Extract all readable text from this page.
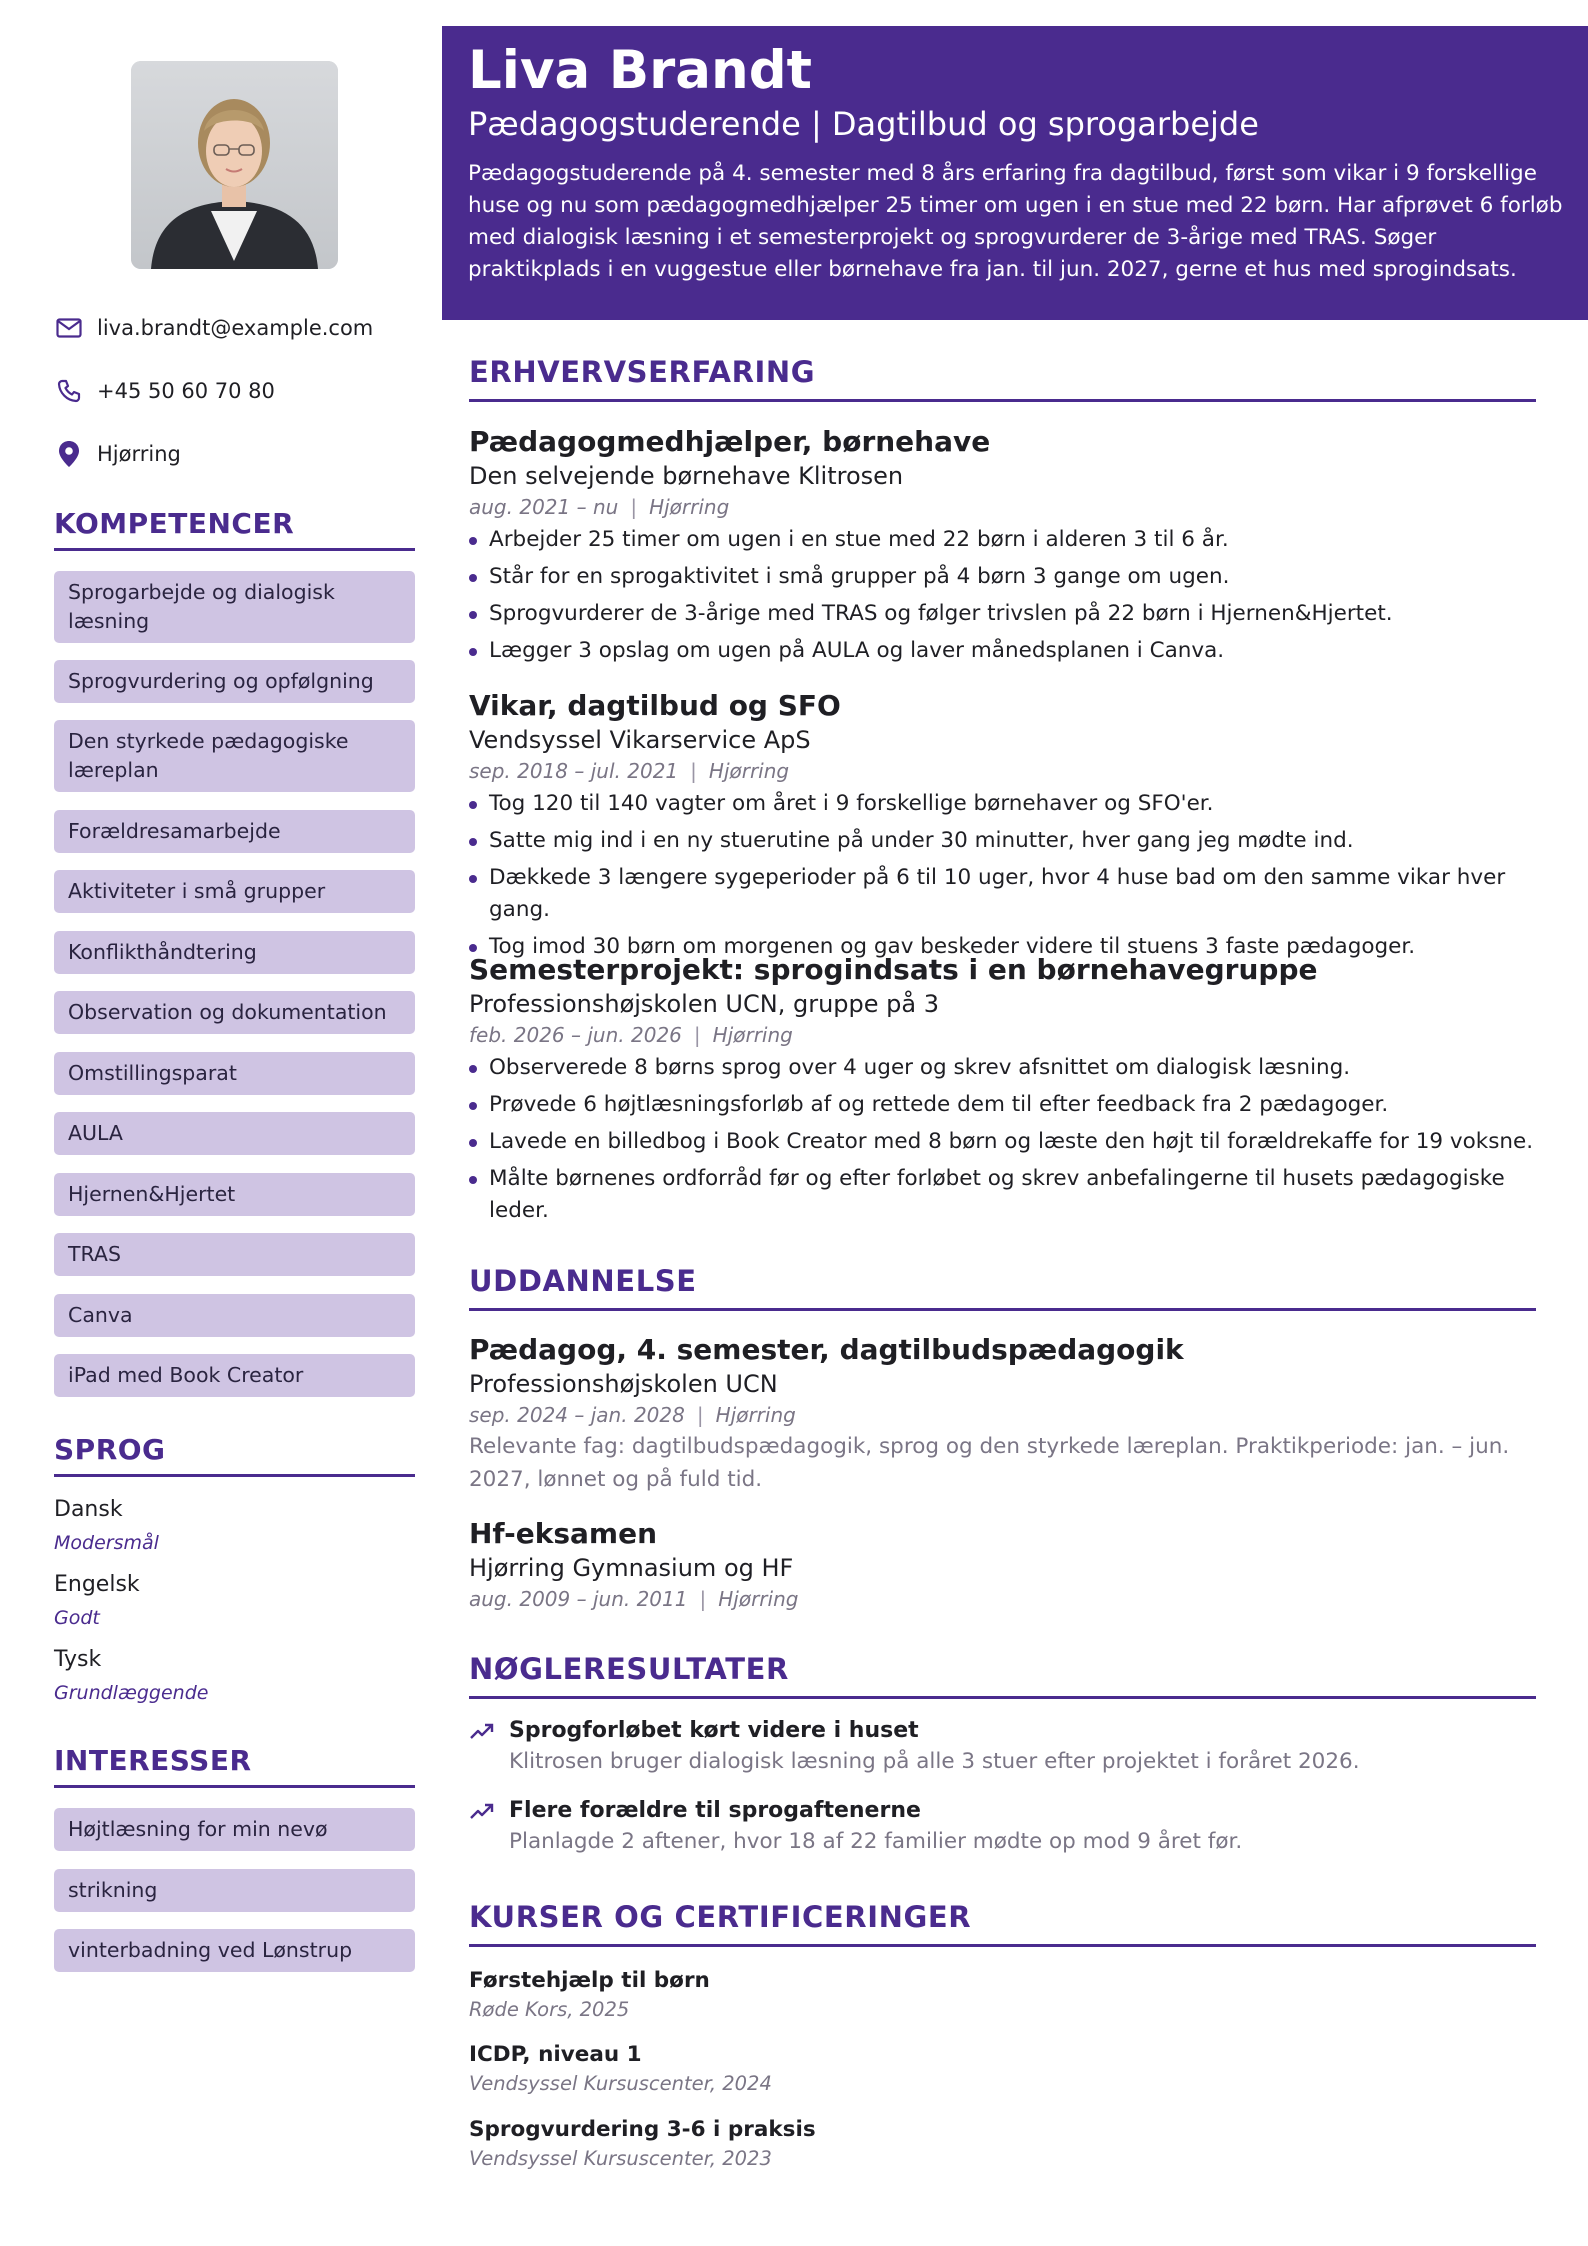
liva.brandt@example.com
+45 50 60 70 80
Hjørring
KOMPETENCER
Sprogarbejde og dialogisk læsning
Sprogvurdering og opfølgning
Den styrkede pædagogiske læreplan
Forældresamarbejde
Aktiviteter i små grupper
Konflikthåndtering
Observation og dokumentation
Omstillingsparat
AULA
Hjernen&Hjertet
TRAS
Canva
iPad med Book Creator
SPROG
Dansk
Modersmål
Engelsk
Godt
Tysk
Grundlæggende
INTERESSER
Højtlæsning for min nevø
strikning
vinterbadning ved Lønstrup
Liva Brandt
Pædagogstuderende | Dagtilbud og sprogarbejde
Pædagogstuderende på 4. semester med 8 års erfaring fra dagtilbud, først som vikar i 9 forskellige huse og nu som pædagogmedhjælper 25 timer om ugen i en stue med 22 børn. Har afprøvet 6 forløb med dialogisk læsning i et semesterprojekt og sprogvurderer de 3-årige med TRAS. Søger praktikplads i en vuggestue eller børnehave fra jan. til jun. 2027, gerne et hus med sprogindsats.
ERHVERVSERFARING
Pædagogmedhjælper, børnehave
Den selvejende børnehave Klitrosen
aug. 2021 – nu | Hjørring
Arbejder 25 timer om ugen i en stue med 22 børn i alderen 3 til 6 år.
Står for en sprogaktivitet i små grupper på 4 børn 3 gange om ugen.
Sprogvurderer de 3-årige med TRAS og følger trivslen på 22 børn i Hjernen&Hjertet.
Lægger 3 opslag om ugen på AULA og laver månedsplanen i Canva.
Vikar, dagtilbud og SFO
Vendsyssel Vikarservice ApS
sep. 2018 – jul. 2021 | Hjørring
Tog 120 til 140 vagter om året i 9 forskellige børnehaver og SFO'er.
Satte mig ind i en ny stuerutine på under 30 minutter, hver gang jeg mødte ind.
Dækkede 3 længere sygeperioder på 6 til 10 uger, hvor 4 huse bad om den samme vikar hver gang.
Tog imod 30 børn om morgenen og gav beskeder videre til stuens 3 faste pædagoger.
Semesterprojekt: sprogindsats i en børnehavegruppe
Professionshøjskolen UCN, gruppe på 3
feb. 2026 – jun. 2026 | Hjørring
Observerede 8 børns sprog over 4 uger og skrev afsnittet om dialogisk læsning.
Prøvede 6 højtlæsningsforløb af og rettede dem til efter feedback fra 2 pædagoger.
Lavede en billedbog i Book Creator med 8 børn og læste den højt til forældrekaffe for 19 voksne.
Målte børnenes ordforråd før og efter forløbet og skrev anbefalingerne til husets pædagogiske leder.
UDDANNELSE
Pædagog, 4. semester, dagtilbudspædagogik
Professionshøjskolen UCN
sep. 2024 – jan. 2028 | Hjørring
Relevante fag: dagtilbudspædagogik, sprog og den styrkede læreplan. Praktikperiode: jan. – jun. 2027, lønnet og på fuld tid.
Hf-eksamen
Hjørring Gymnasium og HF
aug. 2009 – jun. 2011 | Hjørring
NØGLERESULTATER
Sprogforløbet kørt videre i huset
Klitrosen bruger dialogisk læsning på alle 3 stuer efter projektet i foråret 2026.
Flere forældre til sprogaftenerne
Planlagde 2 aftener, hvor 18 af 22 familier mødte op mod 9 året før.
KURSER OG CERTIFICERINGER
Førstehjælp til børn
Røde Kors, 2025
ICDP, niveau 1
Vendsyssel Kursuscenter, 2024
Sprogvurdering 3-6 i praksis
Vendsyssel Kursuscenter, 2023
